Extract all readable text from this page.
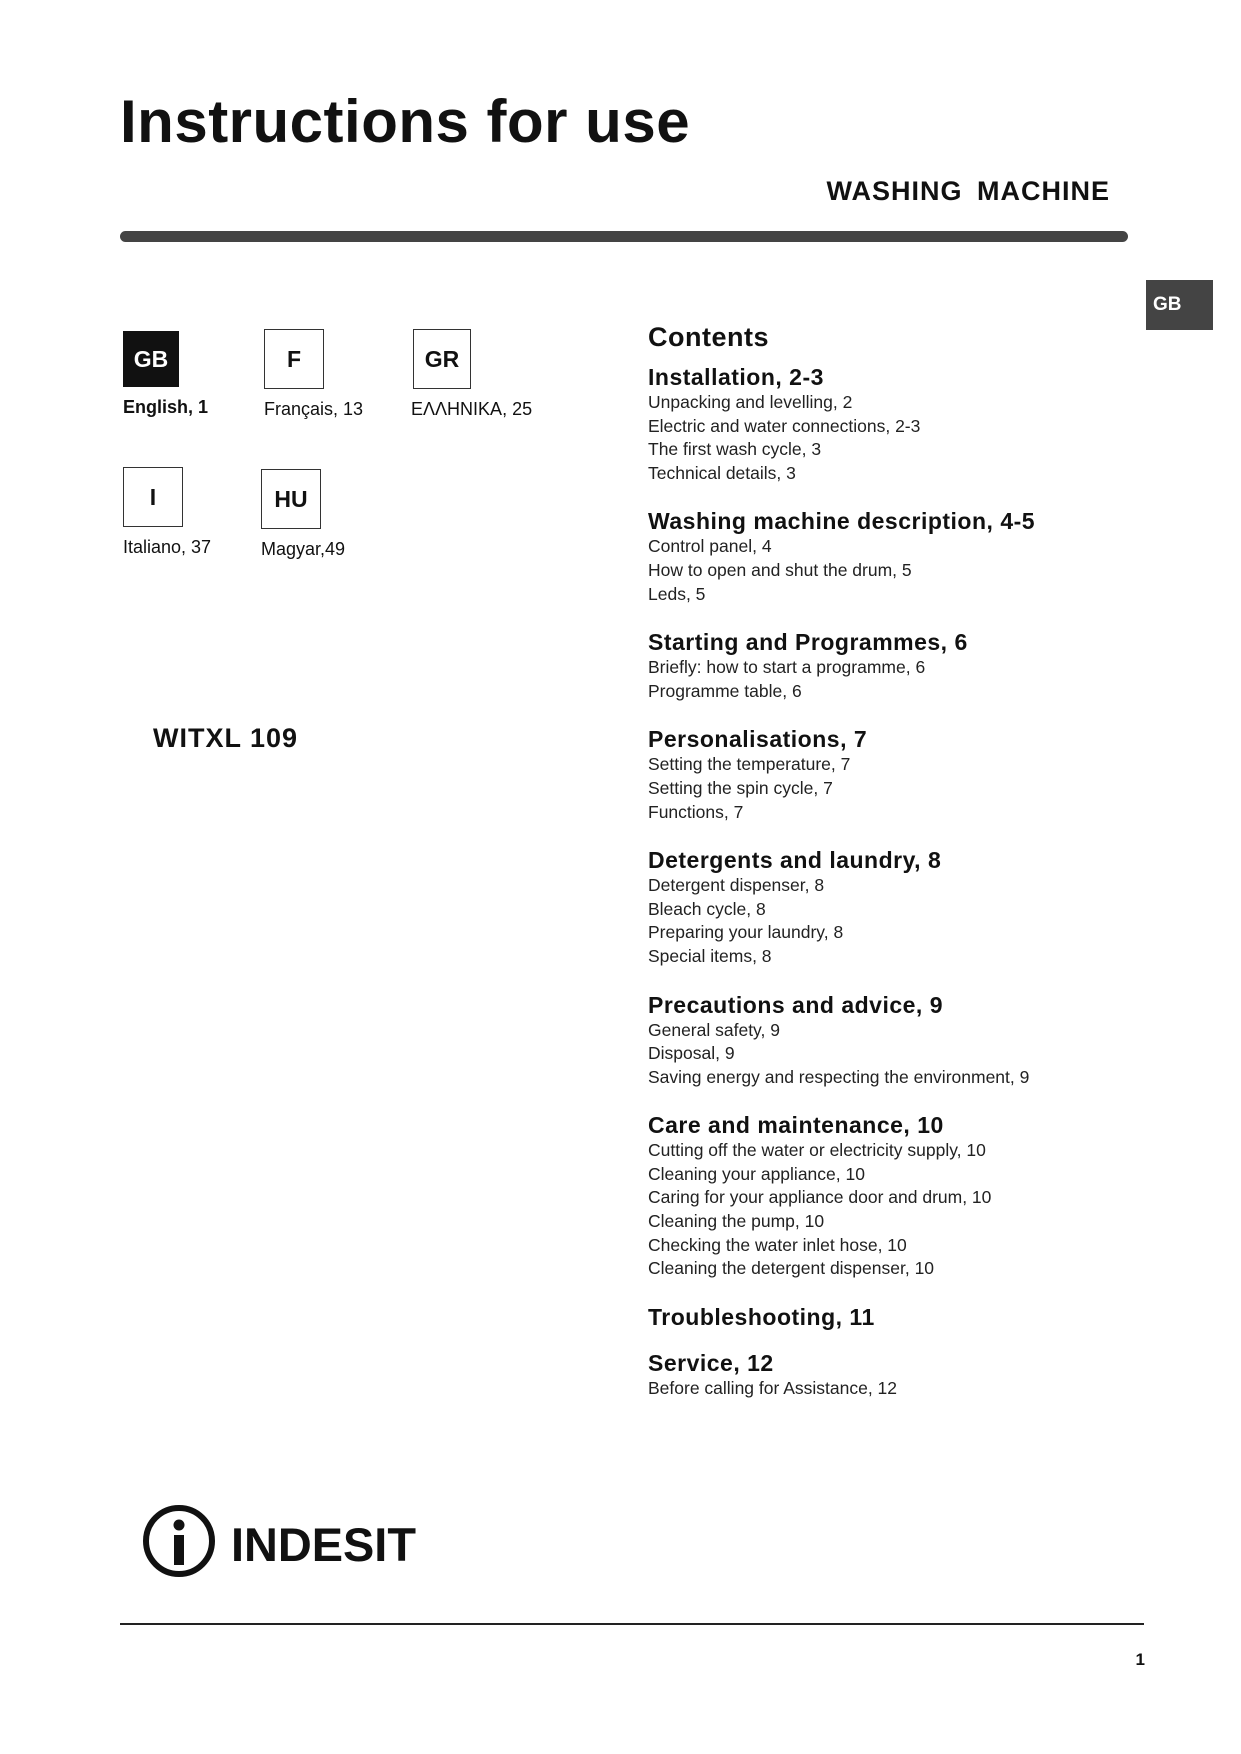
Instructions for use
WASHING MACHINE
GB
GB
English, 1
F
Français, 13
GR
ΕΛΛΗΝΙΚΑ, 25
I
Italiano, 37
HU
Magyar,49
WITXL 109
Contents
Installation, 2-3
Unpacking and levelling, 2
Electric and water connections, 2-3
The first wash cycle, 3
Technical details, 3
Washing machine description, 4-5
Control panel, 4
How to open and shut the drum, 5
Leds, 5
Starting and Programmes, 6
Briefly: how to start a programme, 6
Programme table, 6
Personalisations, 7
Setting the temperature, 7
Setting the spin cycle, 7
Functions, 7
Detergents and laundry, 8
Detergent dispenser, 8
Bleach cycle, 8
Preparing your laundry, 8
Special items, 8
Precautions and advice, 9
General safety, 9
Disposal, 9
Saving energy and respecting the environment, 9
Care and maintenance, 10
Cutting off the water or electricity supply, 10
Cleaning your appliance, 10
Caring for your appliance door and drum, 10
Cleaning the pump, 10
Checking the water inlet hose, 10
Cleaning the detergent dispenser, 10
Troubleshooting, 11
Service, 12
Before calling for Assistance, 12
INDESIT
1
